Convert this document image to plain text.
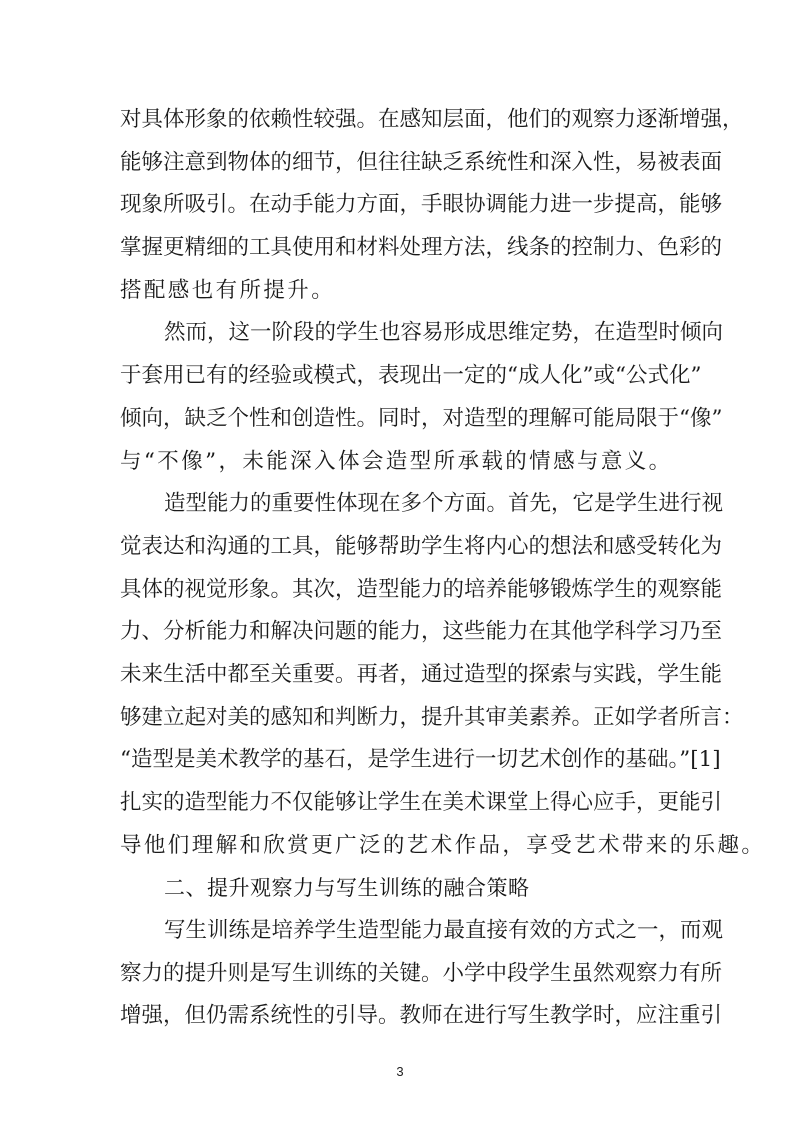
对具体形象的依赖性较强。在感知层面，他们的观察力逐渐增强，
能够注意到物体的细节，但往往缺乏系统性和深入性，易被表面
现象所吸引。在动手能力方面，手眼协调能力进一步提高，能够
掌握更精细的工具使用和材料处理方法，线条的控制力、色彩的
搭配感也有所提升。
然而，这一阶段的学生也容易形成思维定势，在造型时倾向
于套用已有的经验或模式，表现出一定的“成人化”或“公式化”
倾向，缺乏个性和创造性。同时，对造型的理解可能局限于“像”
与“不像”，未能深入体会造型所承载的情感与意义。
造型能力的重要性体现在多个方面。首先，它是学生进行视
觉表达和沟通的工具，能够帮助学生将内心的想法和感受转化为
具体的视觉形象。其次，造型能力的培养能够锻炼学生的观察能
力、分析能力和解决问题的能力，这些能力在其他学科学习乃至
未来生活中都至关重要。再者，通过造型的探索与实践，学生能
够建立起对美的感知和判断力，提升其审美素养。正如学者所言：
“造型是美术教学的基石，是学生进行一切艺术创作的基础。”[1]
扎实的造型能力不仅能够让学生在美术课堂上得心应手，更能引
导他们理解和欣赏更广泛的艺术作品，享受艺术带来的乐趣。
二、提升观察力与写生训练的融合策略
写生训练是培养学生造型能力最直接有效的方式之一，而观
察力的提升则是写生训练的关键。小学中段学生虽然观察力有所
增强，但仍需系统性的引导。教师在进行写生教学时，应注重引
3
